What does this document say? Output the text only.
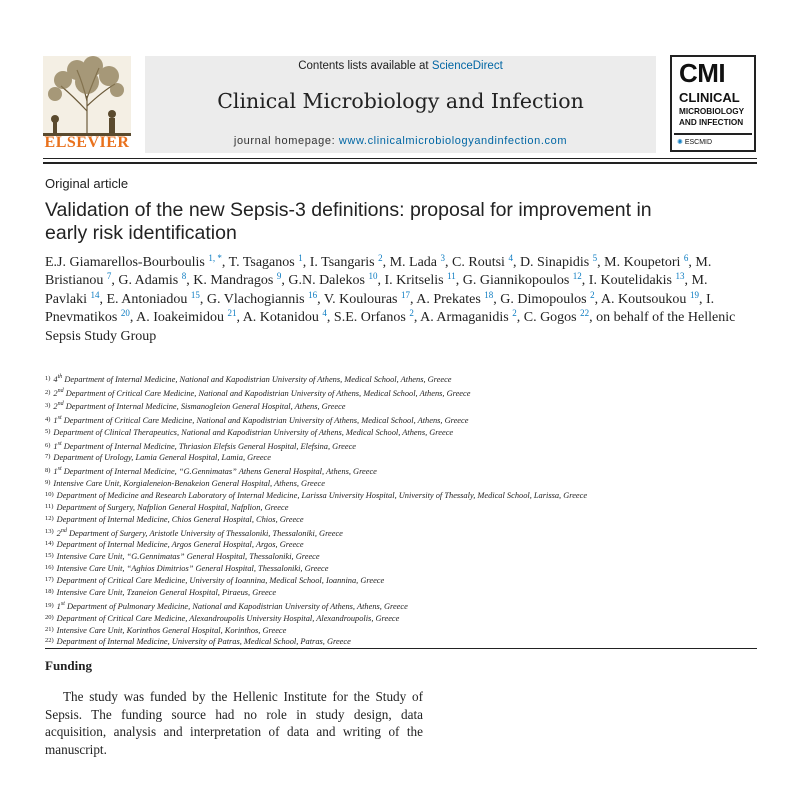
ELSEVIER
Contents lists available at ScienceDirect
Clinical Microbiology and Infection
journal homepage: www.clinicalmicrobiologyandinfection.com
CMI
CLINICAL
MICROBIOLOGY
AND INFECTION
✺ ESCMID
Original article
Validation of the new Sepsis-3 definitions: proposal for improvement in early risk identification
E.J. Giamarellos-Bourboulis $^{1, *}$, T. Tsaganos $^1$, I. Tsangaris $^2$, M. Lada $^3$, C. Routsi $^4$, D. Sinapidis $^5$, M. Koupetori $^6$, M. Bristianou $^7$, G. Adamis $^8$, K. Mandragos $^9$, G.N. Dalekos $^{10}$, I. Kritselis $^{11}$, G. Giannikopoulos $^{12}$, I. Koutelidakis $^{13}$, M. Pavlaki $^{14}$, E. Antoniadou $^{15}$, G. Vlachogiannis $^{16}$, V. Koulouras $^{17}$, A. Prekates $^{18}$, G. Dimopoulos $^2$, A. Koutsoukou $^{19}$, I. Pnevmatikos $^{20}$, A. Ioakeimidou $^{21}$, A. Kotanidou $^4$, S.E. Orfanos $^2$, A. Armaganidis $^2$, C. Gogos $^{22}$, on behalf of the Hellenic Sepsis Study Group
$^{1)}$ 4th Department of Internal Medicine, National and Kapodistrian University of Athens, Medical School, Athens, Greece
$^{2)}$ 2nd Department of Critical Care Medicine, National and Kapodistrian University of Athens, Medical School, Athens, Greece
$^{3)}$ 2nd Department of Internal Medicine, Sismanogleion General Hospital, Athens, Greece
$^{4)}$ 1st Department of Critical Care Medicine, National and Kapodistrian University of Athens, Medical School, Athens, Greece
$^{5)}$ Department of Clinical Therapeutics, National and Kapodistrian University of Athens, Medical School, Athens, Greece
$^{6)}$ 1st Department of Internal Medicine, Thriasion Elefsis General Hospital, Elefsina, Greece
$^{7)}$ Department of Urology, Lamia General Hospital, Lamia, Greece
$^{8)}$ 1st Department of Internal Medicine, “G.Gennimatas” Athens General Hospital, Athens, Greece
$^{9)}$ Intensive Care Unit, Korgialeneion-Benakeion General Hospital, Athens, Greece
$^{10)}$ Department of Medicine and Research Laboratory of Internal Medicine, Larissa University Hospital, University of Thessaly, Medical School, Larissa, Greece
$^{11)}$ Department of Surgery, Nafplion General Hospital, Nafplion, Greece
$^{12)}$ Department of Internal Medicine, Chios General Hospital, Chios, Greece
$^{13)}$ 2nd Department of Surgery, Aristotle University of Thessaloniki, Thessaloniki, Greece
$^{14)}$ Department of Internal Medicine, Argos General Hospital, Argos, Greece
$^{15)}$ Intensive Care Unit, “G.Gennimatas” General Hospital, Thessaloniki, Greece
$^{16)}$ Intensive Care Unit, “Aghios Dimitrios” General Hospital, Thessaloniki, Greece
$^{17)}$ Department of Critical Care Medicine, University of Ioannina, Medical School, Ioannina, Greece
$^{18)}$ Intensive Care Unit, Tzaneion General Hospital, Piraeus, Greece
$^{19)}$ 1st Department of Pulmonary Medicine, National and Kapodistrian University of Athens, Athens, Greece
$^{20)}$ Department of Critical Care Medicine, Alexandroupolis University Hospital, Alexandroupolis, Greece
$^{21)}$ Intensive Care Unit, Korinthos General Hospital, Korinthos, Greece
$^{22)}$ Department of Internal Medicine, University of Patras, Medical School, Patras, Greece
Funding
The study was funded by the Hellenic Institute for the Study of Sepsis. The funding source had no role in study design, data acquisition, analysis and interpretation of data and writing of the manuscript.
